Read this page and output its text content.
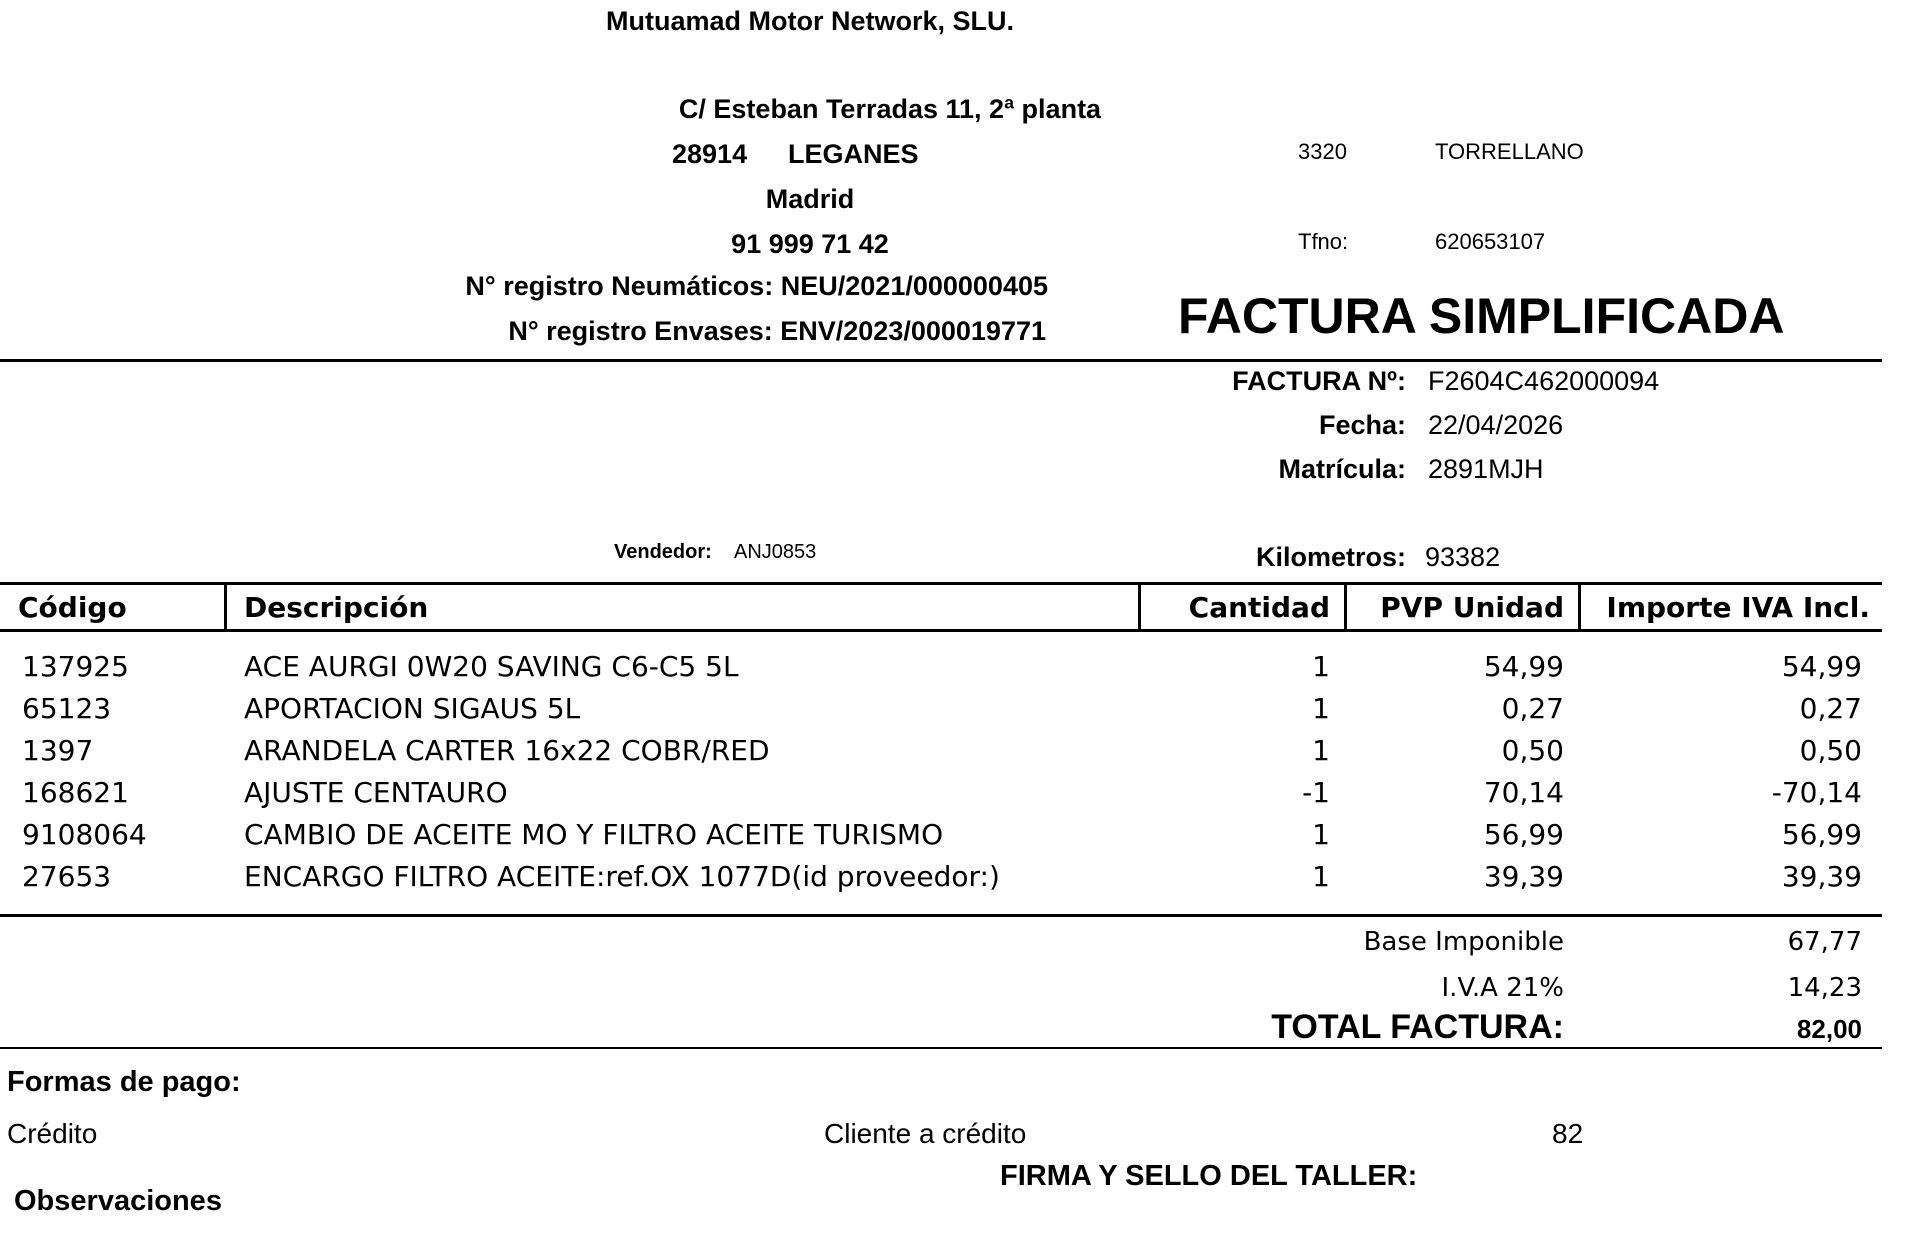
Mutuamad Motor Network, SLU.
C/ Esteban Terradas 11, 2ª planta
28914 LEGANES
Madrid
91 999 71 42
N° registro Neumáticos: NEU/2021/000000405
N° registro Envases: ENV/2023/000019771
3320	TORRELLANO
Tfno:	620653107
FACTURA SIMPLIFICADA
FACTURA Nº: F2604C462000094
Fecha: 22/04/2026
Matrícula: 2891MJH
Vendedor: ANJ0853	Kilometros: 93382
Código	Descripción	Cantidad	PVP Unidad	Importe IVA Incl.
137925	ACE AURGI 0W20 SAVING C6-C5 5L	1	54,99	54,99
65123	APORTACION SIGAUS 5L	1	0,27	0,27
1397	ARANDELA CARTER 16x22 COBR/RED	1	0,50	0,50
168621	AJUSTE CENTAURO	-1	70,14	-70,14
9108064	CAMBIO DE ACEITE MO Y FILTRO ACEITE TURISMO	1	56,99	56,99
27653	ENCARGO FILTRO ACEITE:ref.OX 1077D(id proveedor:)	1	39,39	39,39
Base Imponible	67,77
I.V.A 21%	14,23
TOTAL FACTURA:	82,00
Formas de pago:
Crédito	Cliente a crédito	82
FIRMA Y SELLO DEL TALLER:
Observaciones
